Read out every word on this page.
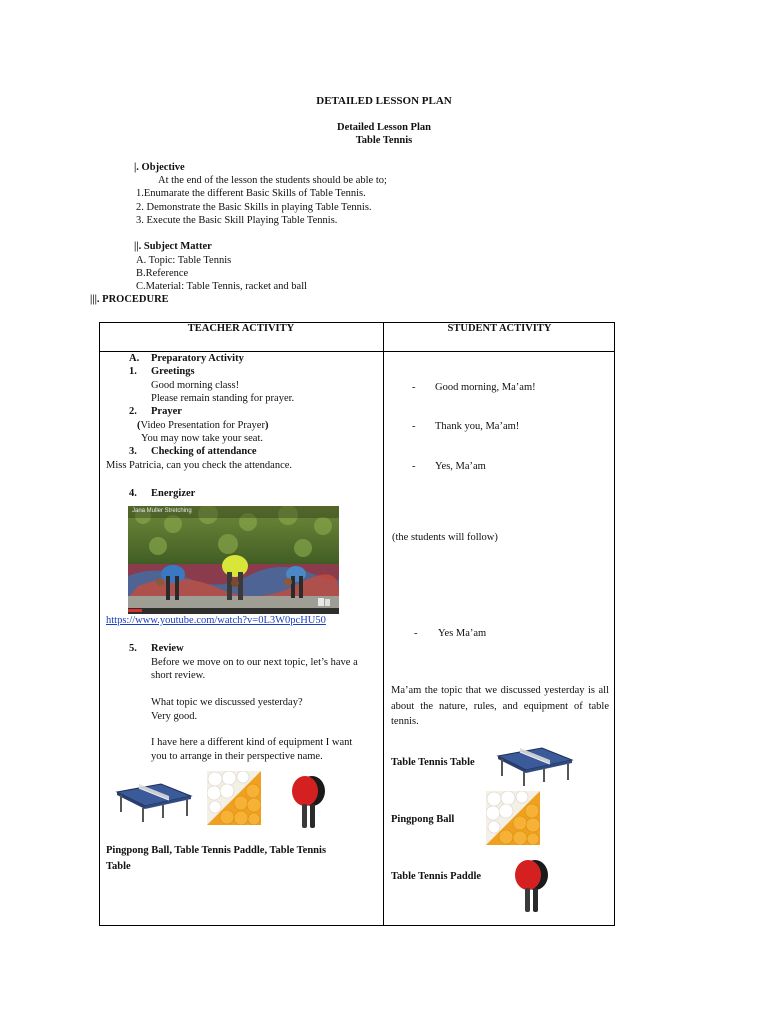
DETAILED LESSON PLAN
Detailed Lesson Plan
Table Tennis
|. Objective
At the end of the lesson the students should be able to;
1.Enumarate the different Basic Skills of Table Tennis.
2. Demonstrate the Basic Skills in playing Table Tennis.
3. Execute the Basic Skill Playing Table Tennis.
||. Subject Matter
A. Topic: Table Tennis
B.Reference
C.Material: Table Tennis, racket and ball
|||. PROCEDURE
TEACHER ACTIVITY	STUDENT ACTIVITY
A. Preparatory Activity
1. Greetings
Good morning class!
Please remain standing for prayer.
2. Prayer
(Video Presentation for Prayer)
You may now take your seat.
3. Checking of attendance
Miss Patricia, can you check the attendance.
4. Energizer
Jana Muller Stretching
https://www.youtube.com/watch?v=0L3W0pcHU50
5. Review
Before we move on to our next topic, let’s have a
short review.
What topic we discussed yesterday?
Very good.
I have here a different kind of equipment I want
you to arrange in their perspective name.
Pingpong Ball, Table Tennis Paddle, Table Tennis
Table
- Good morning, Ma’am!
- Thank you, Ma’am!
- Yes, Ma’am
(the students will follow)
- Yes Ma’am
Ma’am the topic that we discussed yesterday is all about the nature, rules, and equipment of table tennis.
Table Tennis Table
Pingpong Ball
Table Tennis Paddle
